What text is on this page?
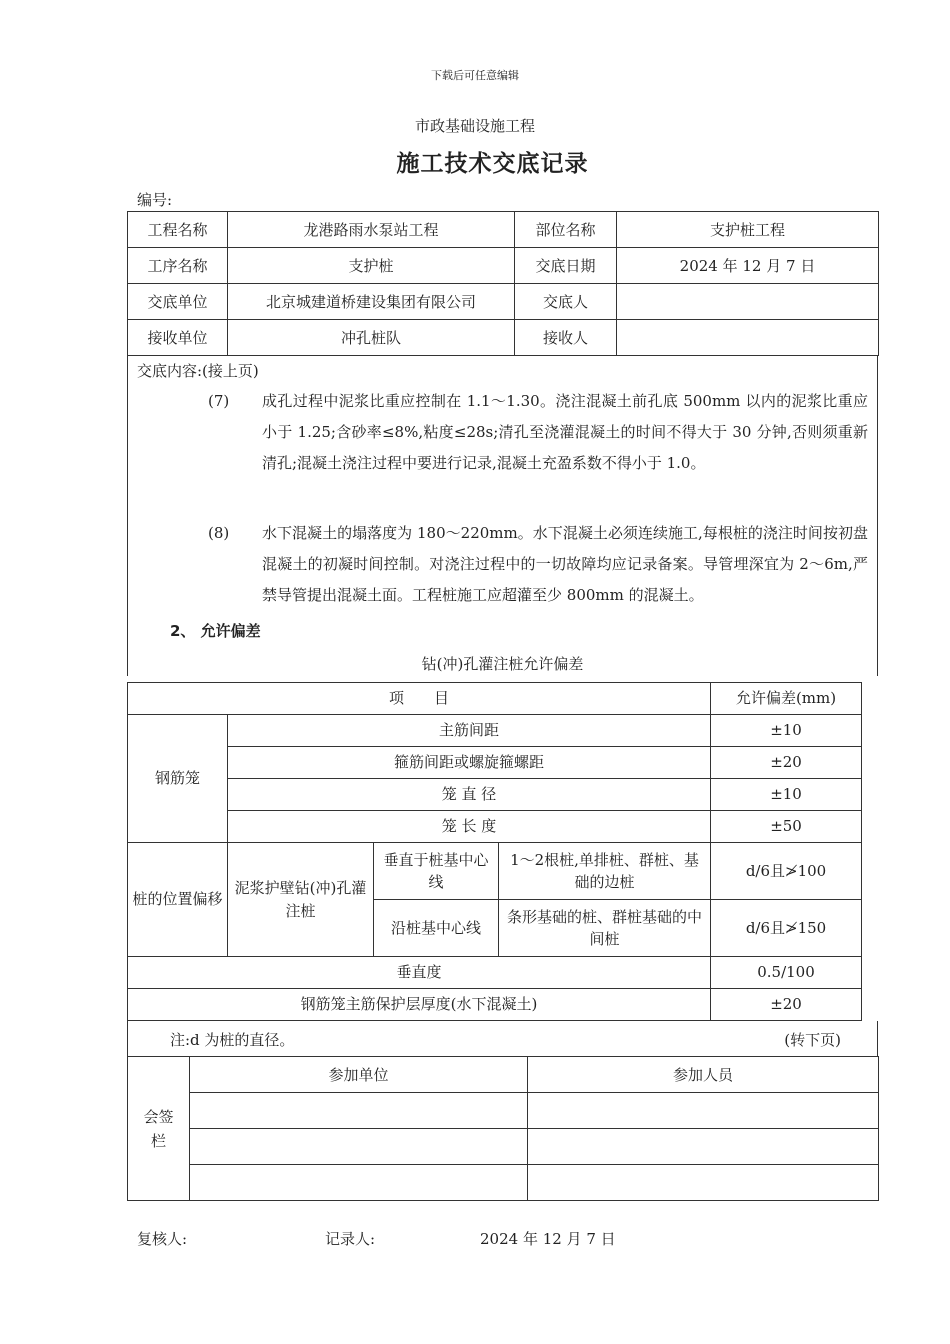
下载后可任意编辑
市政基础设施工程
施工技术交底记录
编号:
工程名称	龙港路雨水泵站工程	部位名称	支护桩工程
工序名称	支护桩	交底日期	2024 年 12 月 7 日
交底单位	北京城建道桥建设集团有限公司	交底人	
接收单位	冲孔桩队	接收人	
交底内容:(接上页)
(7) 成孔过程中泥浆比重应控制在 1.1～1.30。浇注混凝土前孔底 500mm 以内的泥浆比重应小于 1.25;含砂率≤8%,粘度≤28s;清孔至浇灌混凝土的时间不得大于 30 分钟,否则须重新清孔;混凝土浇注过程中要进行记录,混凝土充盈系数不得小于 1.0。
(8) 水下混凝土的塌落度为 180～220mm。水下混凝土必须连续施工,每根桩的浇注时间按初盘混凝土的初凝时间控制。对浇注过程中的一切故障均应记录备案。导管埋深宜为 2～6m,严禁导管提出混凝土面。工程桩施工应超灌至少 800mm 的混凝土。
2、 允许偏差
钻(冲)孔灌注桩允许偏差
项　　目				允许偏差(mm)
钢筋笼	主筋间距			±10
	箍筋间距或螺旋箍螺距			±20
	笼 直 径			±10
	笼 长 度			±50
桩的位置偏移	泥浆护壁钻(冲)孔灌注桩	垂直于桩基中心线	1～2根桩,单排桩、群桩、基础的边桩	d/6且≯100
		沿桩基中心线	条形基础的桩、群桩基础的中间桩	d/6且≯150
垂直度				0.5/100
钢筋笼主筋保护层厚度(水下混凝土)				±20
注:d 为桩的直径。	(转下页)
会签栏	参加单位	参加人员

复核人:	记录人:	2024 年 12 月 7 日
